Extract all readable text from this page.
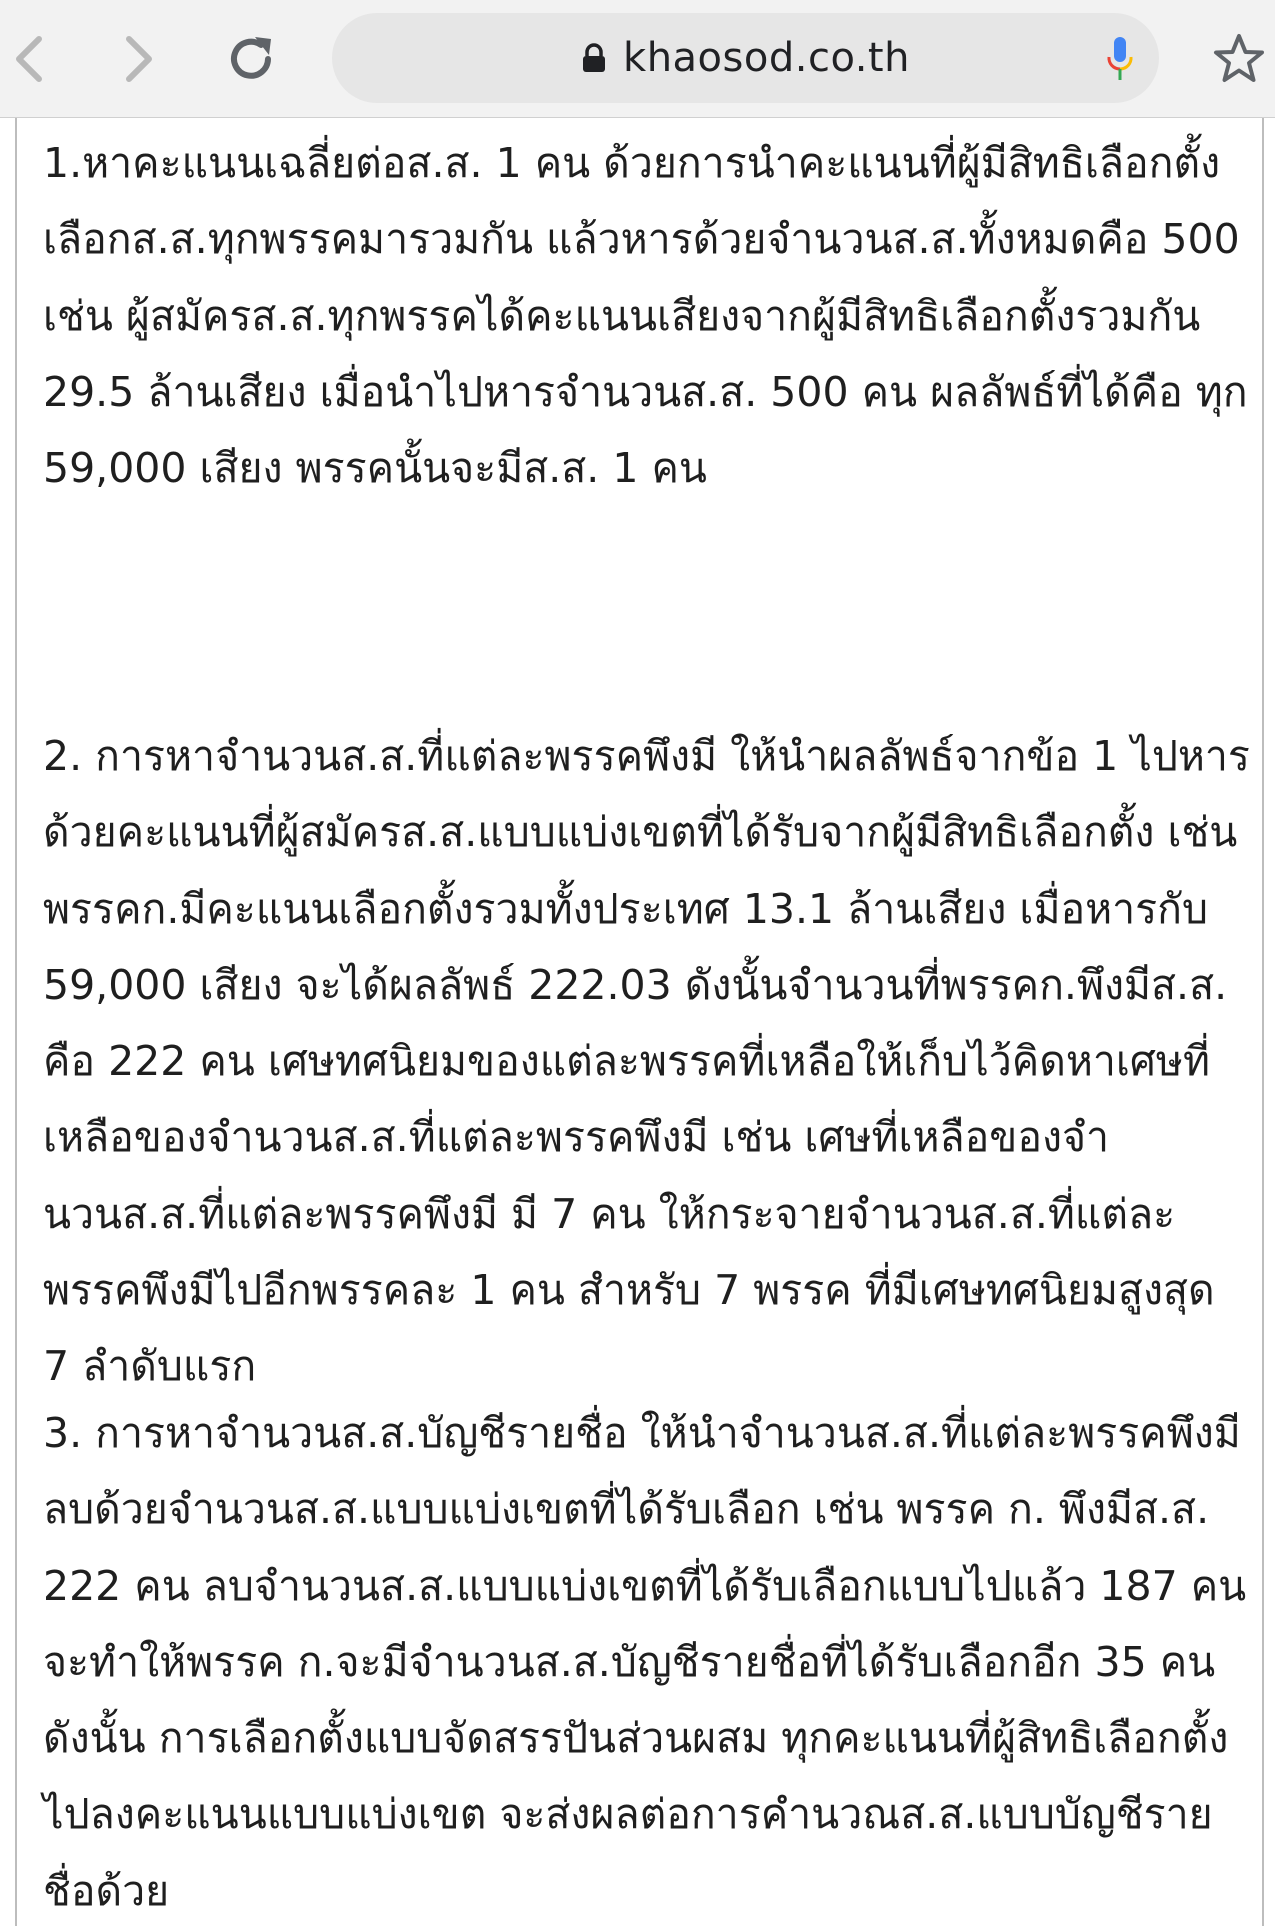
khaosod.co.th
1.หาคะแนนเฉลี่ยต่อส.ส. 1 คน ด้วยการนำคะแนนที่ผู้มีสิทธิเลือกตั้ง
เลือกส.ส.ทุกพรรคมารวมกัน แล้วหารด้วยจำนวนส.ส.ทั้งหมดคือ 500
เช่น ผู้สมัครส.ส.ทุกพรรคได้คะแนนเสียงจากผู้มีสิทธิเลือกตั้งรวมกัน
29.5 ล้านเสียง เมื่อนำไปหารจำนวนส.ส. 500 คน ผลลัพธ์ที่ได้คือ ทุก
59,000 เสียง พรรคนั้นจะมีส.ส. 1 คน
2. การหาจำนวนส.ส.ที่แต่ละพรรคพึงมี ให้นำผลลัพธ์จากข้อ 1 ไปหาร
ด้วยคะแนนที่ผู้สมัครส.ส.แบบแบ่งเขตที่ได้รับจากผู้มีสิทธิเลือกตั้ง เช่น
พรรคก.มีคะแนนเลือกตั้งรวมทั้งประเทศ 13.1 ล้านเสียง เมื่อหารกับ
59,000 เสียง จะได้ผลลัพธ์ 222.03 ดังนั้นจำนวนที่พรรคก.พึงมีส.ส.
คือ 222 คน เศษทศนิยมของแต่ละพรรคที่เหลือให้เก็บไว้คิดหาเศษที่
เหลือของจำนวนส.ส.ที่แต่ละพรรคพึงมี เช่น เศษที่เหลือของจำ
นวนส.ส.ที่แต่ละพรรคพึงมี มี 7 คน ให้กระจายจำนวนส.ส.ที่แต่ละ
พรรคพึงมีไปอีกพรรคละ 1 คน สำหรับ 7 พรรค ที่มีเศษทศนิยมสูงสุด
7 ลำดับแรก
3. การหาจำนวนส.ส.บัญชีรายชื่อ ให้นำจำนวนส.ส.ที่แต่ละพรรคพึงมี
ลบด้วยจำนวนส.ส.แบบแบ่งเขตที่ได้รับเลือก เช่น พรรค ก. พึงมีส.ส.
222 คน ลบจำนวนส.ส.แบบแบ่งเขตที่ได้รับเลือกแบบไปแล้ว 187 คน
จะทำให้พรรค ก.จะมีจำนวนส.ส.บัญชีรายชื่อที่ได้รับเลือกอีก 35 คน
ดังนั้น การเลือกตั้งแบบจัดสรรปันส่วนผสม ทุกคะแนนที่ผู้สิทธิเลือกตั้ง
ไปลงคะแนนแบบแบ่งเขต จะส่งผลต่อการคำนวณส.ส.แบบบัญชีราย
ชื่อด้วย
